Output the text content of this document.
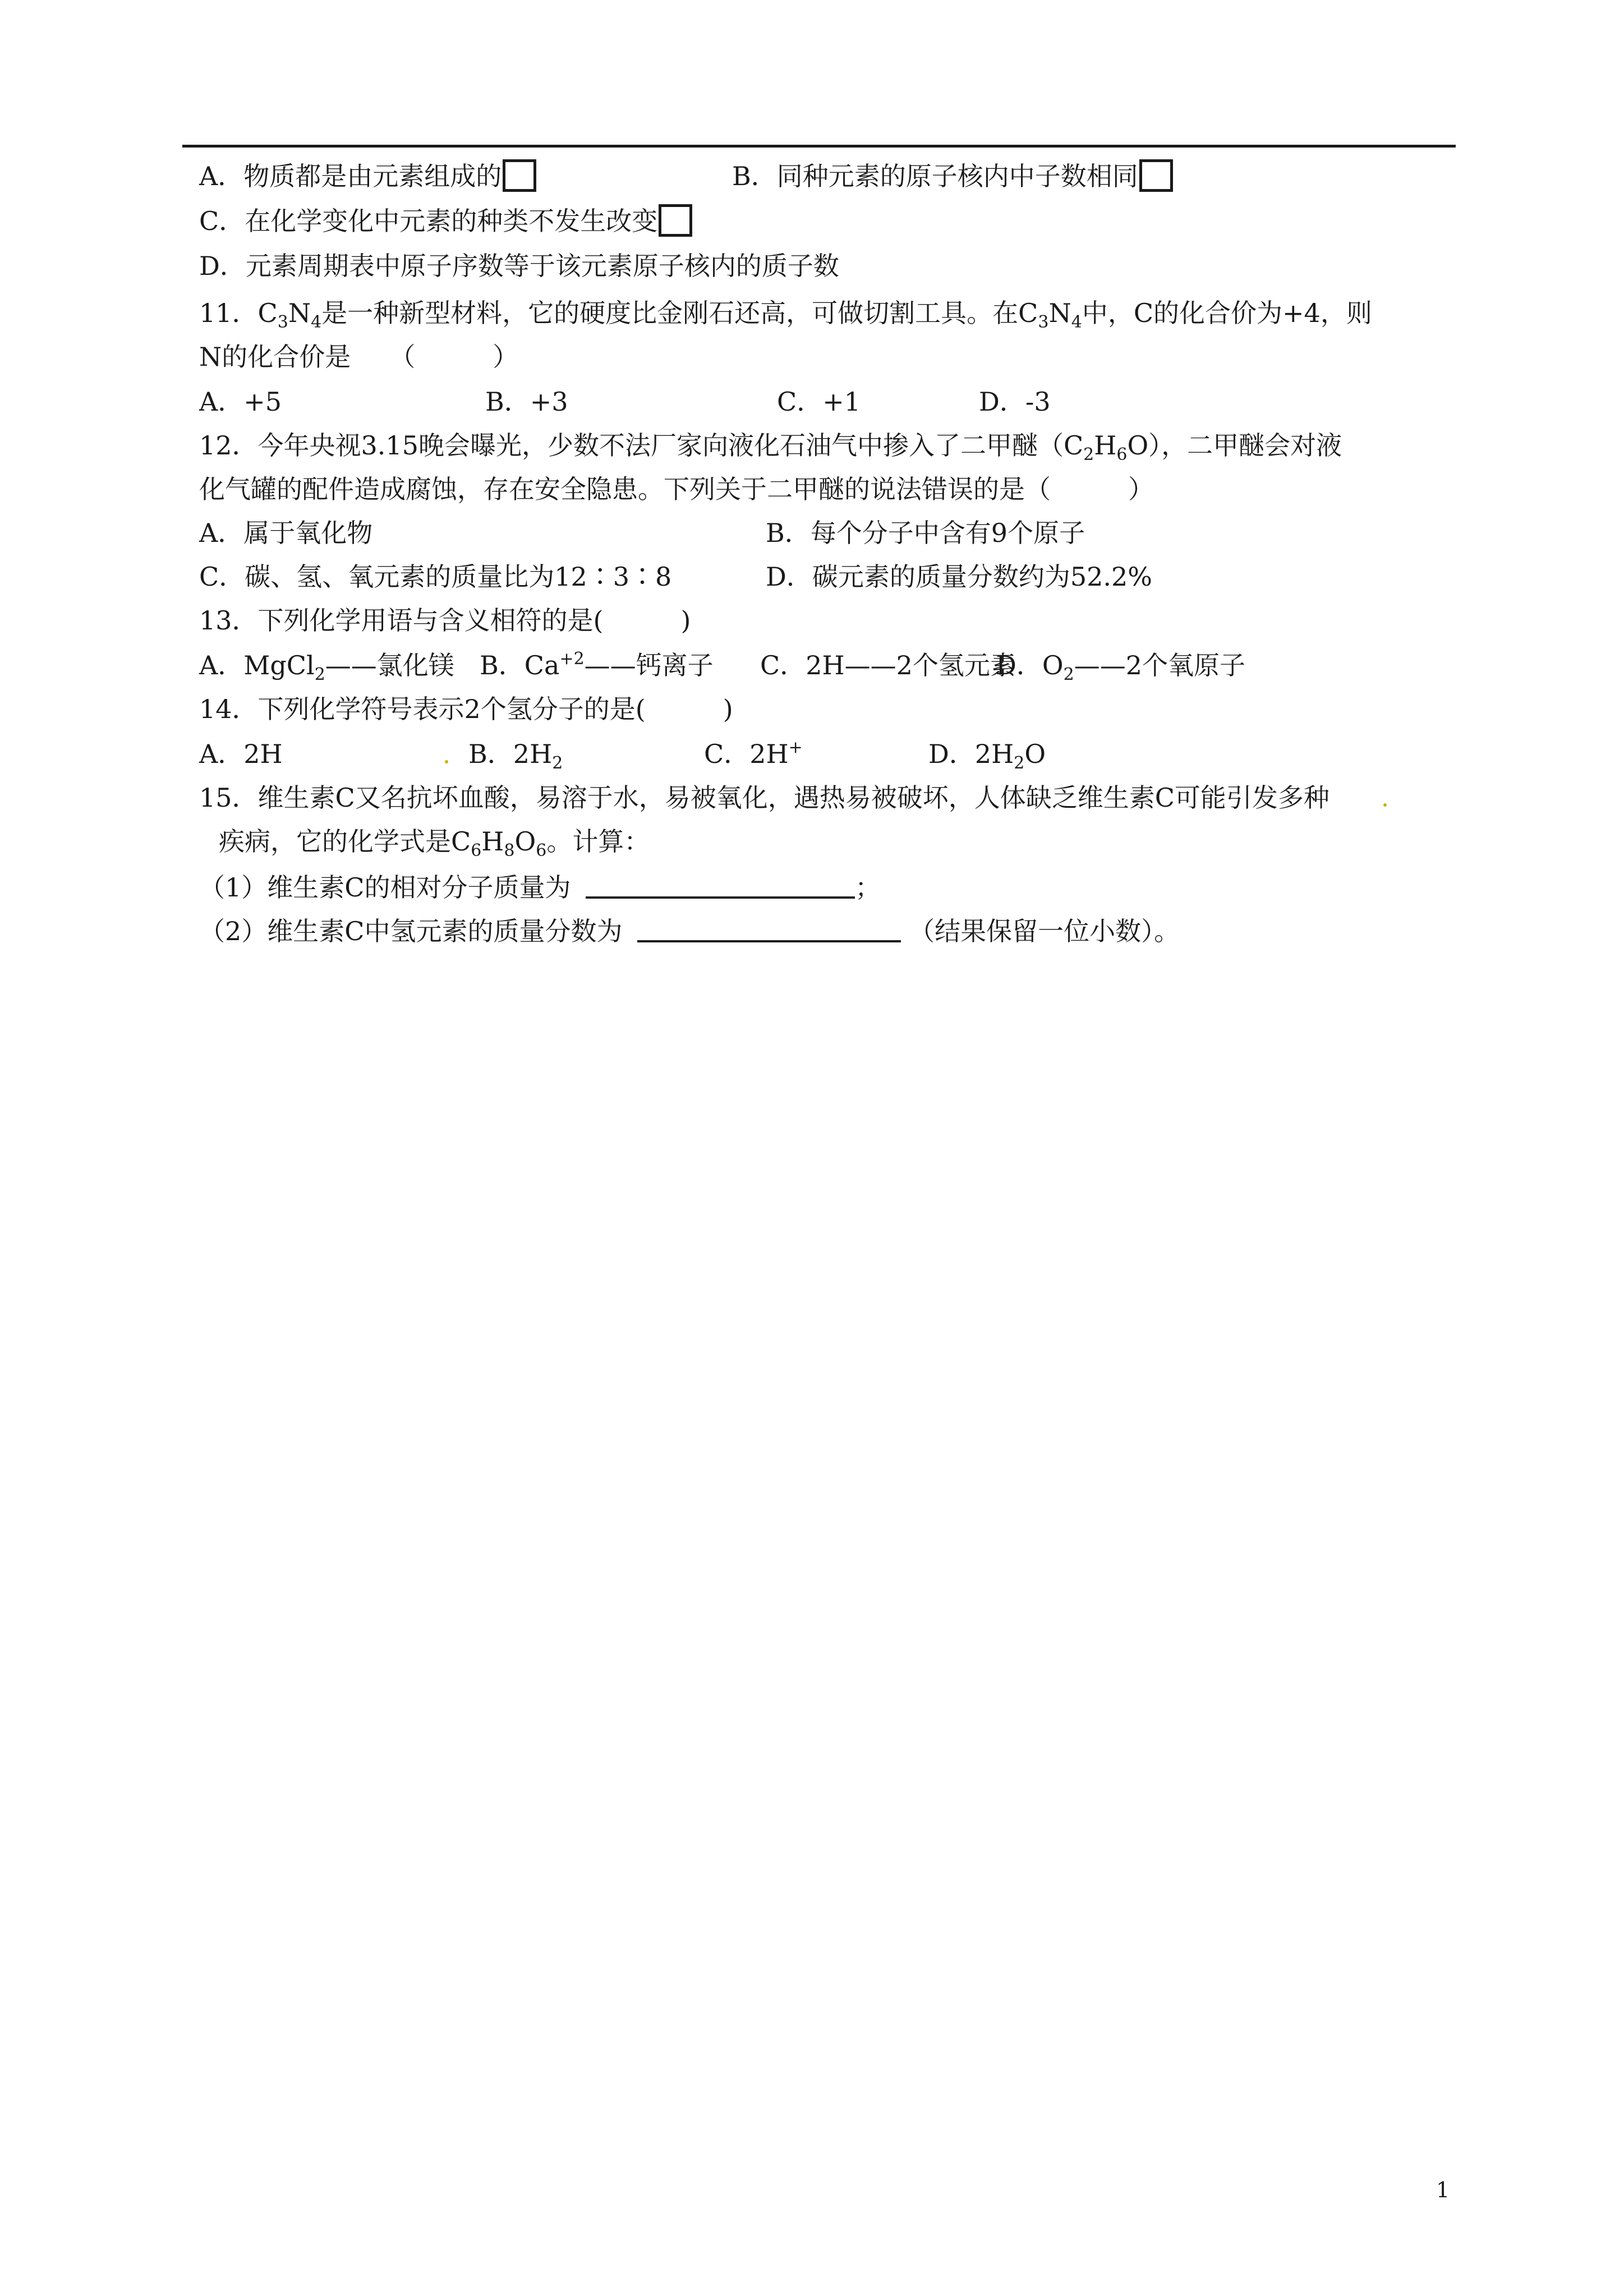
A．物质都是由元素组成的	B．同种元素的原子核内中子数相同
C．在化学变化中元素的种类不发生改变
D．元素周期表中原子序数等于该元素原子核内的质子数
11．$C_3N_4$是一种新型材料，它的硬度比金刚石还高，可做切割工具。在$C_3N_4$中，C的化合价为+4，则
N的化合价是　　（　　　）
A．+5	B．+3	C．+1	D．-3
12．今年央视3.15晚会曝光，少数不法厂家向液化石油气中掺入了二甲醚$(C_2H_6O)$，二甲醚会对液
化气罐的配件造成腐蚀，存在安全隐患。下列关于二甲醚的说法错误的是（　　　）
A．属于氧化物	B．每个分子中含有9个原子
C．碳、氢、氧元素的质量比为12∶3∶8	D．碳元素的质量分数约为52.2%
13．下列化学用语与含义相符的是(　　　)
A．MgCl$_2$——氯化镁 B．$Ca^{+2}——$钙离子 C．2H——2个氢元素
D．$O_2——2$个氧原子
14．下列化学符号表示2个氢分子的是(　　　)
A．2H	B．$2H_2$	C．2H+	D．$2H_2O$
15．维生素C又名抗坏血酸，易溶于水，易被氧化，遇热易被破坏，人体缺乏维生素C可能引发多种
疾病，它的化学式是$C_6H_8O_6$。计算：
（1）维生素C的相对分子质量为	；
（2）维生素C中氢元素的质量分数为	（结果保留一位小数）。
1
